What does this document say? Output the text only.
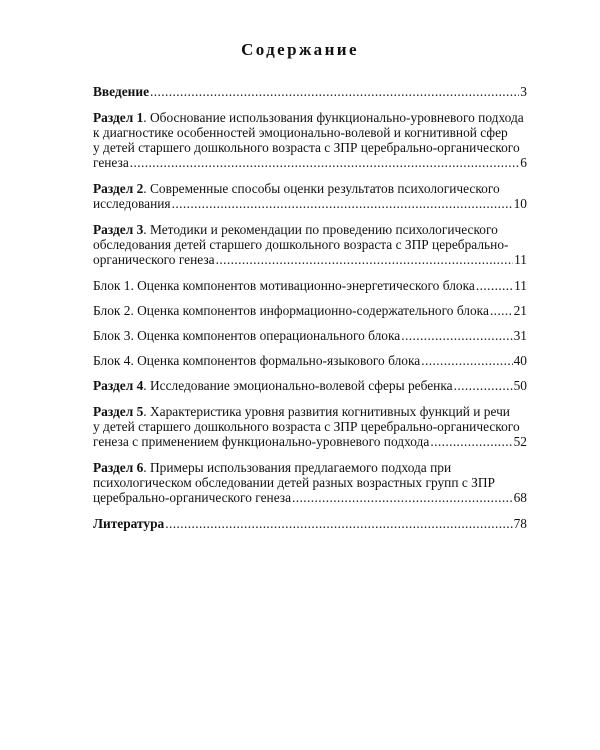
Содержание
Введение .....	3
Раздел 1. Обоснование использования функционально-уровневого подхода
к диагностике особенностей эмоционально-волевой и когнитивной сфер
у детей старшего дошкольного возраста с ЗПР церебрально-органического
генеза .....	6
Раздел 2. Современные способы оценки результатов психологического
исследования .....	10
Раздел 3. Методики и рекомендации по проведению психологического
обследования детей старшего дошкольного возраста с ЗПР церебрально-
органического генеза .....	11
Блок 1. Оценка компонентов мотивационно-энергетического блока .....	11
Блок 2. Оценка компонентов информационно-содержательного блока ..... 21
Блок 3. Оценка компонентов операционального блока .....	31
Блок 4. Оценка компонентов формально-языкового блока .....	40
Раздел 4. Исследование эмоционально-волевой сферы ребенка .....	50
Раздел 5. Характеристика уровня развития когнитивных функций и речи
у детей старшего дошкольного возраста с ЗПР церебрально-органического
генеза с применением функционально-уровневого подхода .....	52
Раздел 6. Примеры использования предлагаемого подхода при
психологическом обследовании детей разных возрастных групп с ЗПР
церебрально-органического генеза .....	68
Литература .....	78
